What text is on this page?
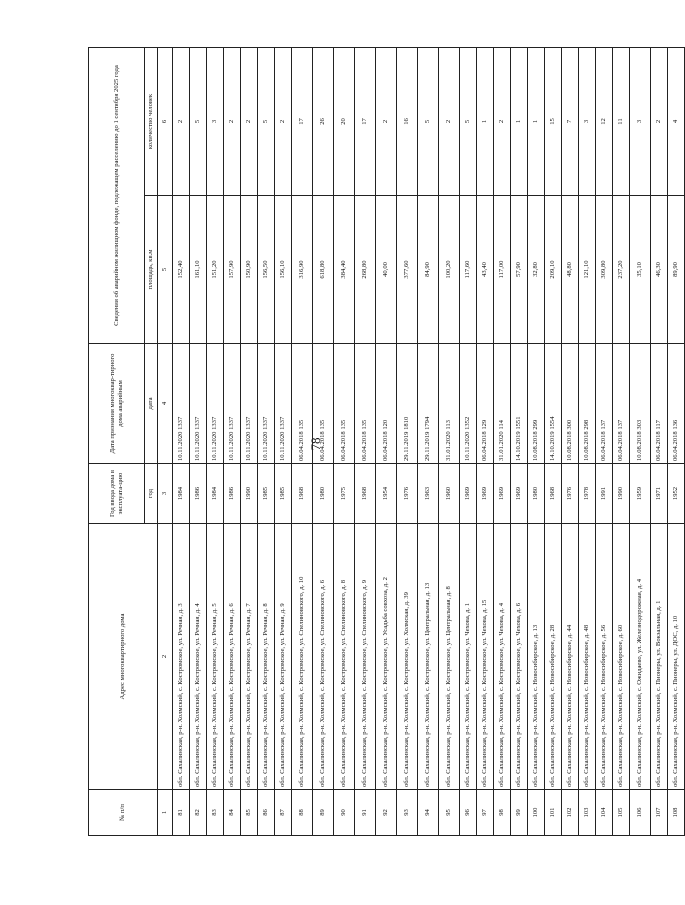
78
№ п/п	Адрес многоквартирного дома	Год ввода дома в эксплуата-цию	Дата признания многоквар-тирного дома аварийным	Сведения об аварийном жилищном фонде, подлежащем расселению до 1 сентября 2025 года	
		год	дата	площадь, кв.м	количество человек
1	2	3	4	5	6
81	обл. Сахалинская, р-н. Холмский, с. Костромское, ул. Речная, д. 3	1984	10.11.2020 1337	152,40	2
82	обл. Сахалинская, р-н. Холмский, с. Костромское, ул. Речная, д. 4	1986	10.11.2020 1337	161,10	5
83	обл. Сахалинская, р-н. Холмский, с. Костромское, ул. Речная, д. 5	1984	10.11.2020 1337	151,20	3
84	обл. Сахалинская, р-н. Холмский, с. Костромское, ул. Речная, д. 6	1986	10.11.2020 1337	157,90	2
85	обл. Сахалинская, р-н. Холмский, с. Костромское, ул. Речная, д. 7	1990	10.11.2020 1337	150,90	2
86	обл. Сахалинская, р-н. Холмский, с. Костромское, ул. Речная, д. 8	1985	10.11.2020 1337	156,50	5
87	обл. Сахалинская, р-н. Холмский, с. Костромское, ул. Речная, д. 9	1985	10.11.2020 1337	156,10	2
88	обл. Сахалинская, р-н. Холмский, с. Костромское, ул. Спелиновского, д. 10	1968	06.04.2018 135	316,90	17
89	обл. Сахалинская, р-н. Холмский, с. Костромское, ул. Спелиновского, д. 6	1980	06.04.2018 135	618,80	26
90	обл. Сахалинская, р-н. Холмский, с. Костромское, ул. Спелиновского, д. 8	1975	06.04.2018 135	384,40	20
91	обл. Сахалинская, р-н. Холмский, с. Костромское, ул. Спелиновского, д. 9	1968	06.04.2018 135	268,80	17
92	обл. Сахалинская, р-н. Холмский, с. Костромское, ул. Усадьба совхоза, д. 2	1954	06.04.2018 120	40,00	2
93	обл. Сахалинская, р-н. Холмский, с. Костромское, ул. Холмская, д. 39	1976	29.11.2019 1810	377,60	16
94	обл. Сахалинская, р-н. Холмский, с. Костромское, ул. Центральная, д. 13	1963	29.11.2019 1794	84,90	5
95	обл. Сахалинская, р-н. Холмский, с. Костромское, ул. Центральная, д. 8	1960	31.01.2020 113	100,20	2
96	обл. Сахалинская, р-н. Холмский, с. Костромское, ул. Чехова, д. 1	1969	10.11.2020 1352	117,60	5
97	обл. Сахалинская, р-н. Холмский, с. Костромское, ул. Чехова, д. 15	1969	06.04.2018 129	43,40	1
98	обл. Сахалинская, р-н. Холмский, с. Костромское, ул. Чехова, д. 4	1969	31.01.2020 114	117,00	2
99	обл. Сахалинская, р-н. Холмский, с. Костромское, ул. Чехова, д. 6	1969	14.10.2019 1551	57,90	1
100	обл. Сахалинская, р-н. Холмский, с. Новосибирское, д. 13	1980	10.08.2018 299	32,80	1
101	обл. Сахалинская, р-н. Холмский, с. Новосибирское, д. 28	1968	14.10.2019 1554	209,10	15
102	обл. Сахалинская, р-н. Холмский, с. Новосибирское, д. 44	1976	10.08.2018 300	48,80	7
103	обл. Сахалинская, р-н. Холмский, с. Новосибирское, д. 48	1978	10.08.2018 298	121,10	3
104	обл. Сахалинская, р-н. Холмский, с. Новосибирское, д. 56	1991	06.04.2018 137	309,80	12
105	обл. Сахалинская, р-н. Холмский, с. Новосибирское, д. 60	1990	06.04.2018 137	237,20	11
106	обл. Сахалинская, р-н. Холмский, с. Ожидаево, ул. Железнодорожная, д. 4	1959	10.08.2018 303	35,10	3
107	обл. Сахалинская, р-н. Холмский, с. Пионеры, ул. Вокзальная, д. 1	1971	06.04.2018 117	46,30	2
108	обл. Сахалинская, р-н. Холмский, с. Пионеры, ул. ДОС, д. 10	1952	06.04.2018 136	89,90	4
